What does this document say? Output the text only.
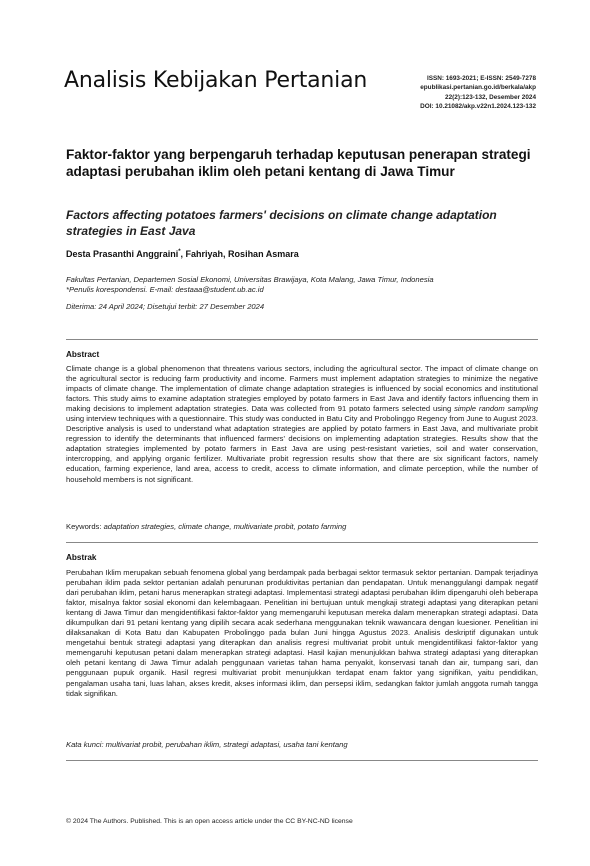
Analisis Kebijakan Pertanian	ISSN: 1693-2021; E-ISSN: 2549-7278
epublikasi.pertanian.go.id/berkala/akp
22(2):123-132, Desember 2024
DOI: 10.21082/akp.v22n1.2024.123-132
Faktor-faktor yang berpengaruh terhadap keputusan penerapan strategi adaptasi perubahan iklim oleh petani kentang di Jawa Timur
Factors affecting potatoes farmers' decisions on climate change adaptation strategies in East Java
Desta Prasanthi Anggraini*, Fahriyah, Rosihan Asmara
Fakultas Pertanian, Departemen Sosial Ekonomi, Universitas Brawijaya, Kota Malang, Jawa Timur, Indonesia
*Penulis korespondensi. E-mail: destaaa@student.ub.ac.id
Diterima: 24 April 2024; Disetujui terbit: 27 Desember 2024
Abstract
Climate change is a global phenomenon that threatens various sectors, including the agricultural sector. The impact of climate change on the agricultural sector is reducing farm productivity and income. Farmers must implement adaptation strategies to minimize the negative impacts of climate change. The implementation of climate change adaptation strategies is influenced by social economics and institutional factors. This study aims to examine adaptation strategies employed by potato farmers in East Java and identify factors influencing them in making decisions to implement adaptation strategies. Data was collected from 91 potato farmers selected using simple random sampling using interview techniques with a questionnaire. This study was conducted in Batu City and Probolinggo Regency from June to August 2023. Descriptive analysis is used to understand what adaptation strategies are applied by potato farmers in East Java, and multivariate probit regression to identify the determinants that influenced farmers' decisions on implementing adaptation strategies. Results show that the adaptation strategies implemented by potato farmers in East Java are using pest-resistant varieties, soil and water conservation, intercropping, and applying organic fertilizer. Multivariate probit regression results show that there are six significant factors, namely education, farming experience, land area, access to credit, access to climate information, and climate perception, while the number of household members is not significant.
Keywords: adaptation strategies, climate change, multivariate probit, potato farming
Abstrak
Perubahan Iklim merupakan sebuah fenomena global yang berdampak pada berbagai sektor termasuk sektor pertanian. Dampak terjadinya perubahan iklim pada sektor pertanian adalah penurunan produktivitas pertanian dan pendapatan. Untuk menanggulangi dampak negatif dari perubahan iklim, petani harus menerapkan strategi adaptasi. Implementasi strategi adaptasi perubahan iklim dipengaruhi oleh beberapa faktor, misalnya faktor sosial ekonomi dan kelembagaan. Penelitian ini bertujuan untuk mengkaji strategi adaptasi yang diterapkan petani kentang di Jawa Timur dan mengidentifikasi faktor-faktor yang memengaruhi keputusan mereka dalam menerapkan strategi adaptasi. Data dikumpulkan dari 91 petani kentang yang dipilih secara acak sederhana menggunakan teknik wawancara dengan kuesioner. Penelitian ini dilaksanakan di Kota Batu dan Kabupaten Probolinggo pada bulan Juni hingga Agustus 2023. Analisis deskriptif digunakan untuk mengetahui bentuk strategi adaptasi yang diterapkan dan analisis regresi multivariat probit untuk mengidentifikasi faktor-faktor yang memengaruhi keputusan petani dalam menerapkan strategi adaptasi. Hasil kajian menunjukkan bahwa strategi adaptasi yang diterapkan oleh petani kentang di Jawa Timur adalah penggunaan varietas tahan hama penyakit, konservasi tanah dan air, tumpang sari, dan penggunaan pupuk organik. Hasil regresi multivariat probit menunjukkan terdapat enam faktor yang signifikan, yaitu pendidikan, pengalaman usaha tani, luas lahan, akses kredit, akses informasi iklim, dan persepsi iklim, sedangkan faktor jumlah anggota rumah tangga tidak signifikan.
Kata kunci: multivariat probit, perubahan iklim, strategi adaptasi, usaha tani kentang
© 2024 The Authors. Published. This is an open access article under the CC BY-NC-ND license
